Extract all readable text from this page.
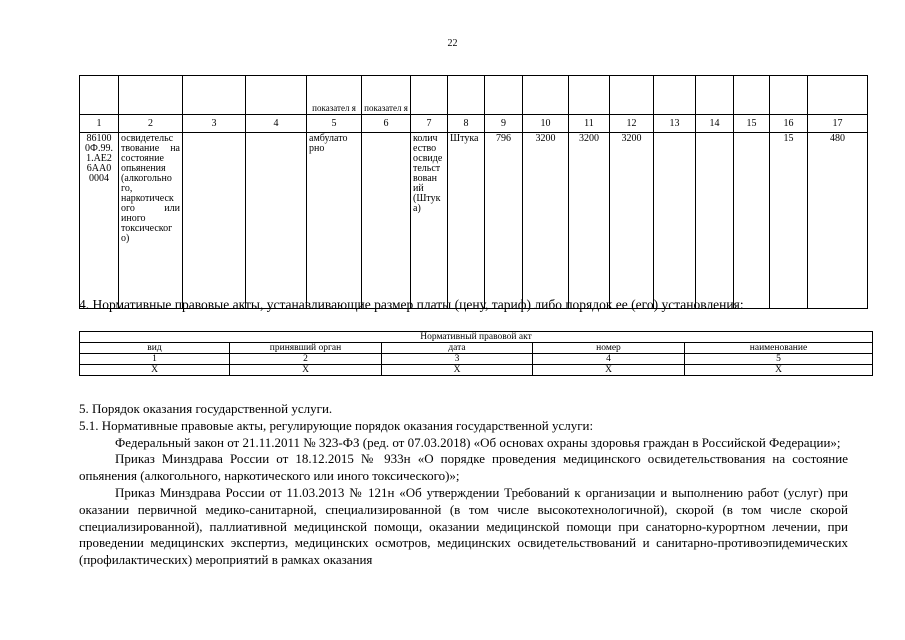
22
				показател я	показател я											
1	2	3	4	5	6	7	8	9	10	11	12	13	14	15	16	17
86100 0Ф.99. 1.АЕ2 6АА0 0004	освидетельс твование на состояние опьянения (алкогольно го, наркотическ ого или иного токсическог о)			амбулато рно		колич ество освиде тельст вован ий (Штук а)	Штука	796	3200	3200	3200				15	480
4. Нормативные правовые акты, устанавливающие размер платы (цену, тариф) либо порядок ее (его) установления:
Нормативный правовой акт				
вид	принявший орган	дата	номер	наименование
1	2	3	4	5
Х	Х	Х	Х	Х

5. Порядок оказания государственной услуги.

5.1. Нормативные правовые акты, регулирующие порядок оказания государственной услуги:

Федеральный закон от 21.11.2011 № 323-ФЗ (ред. от 07.03.2018) «Об основах охраны здоровья граждан в Российской Федерации»;

Приказ Минздрава России от 18.12.2015 № 933н «О порядке проведения медицинского освидетельствования на состояние опьянения (алкогольного, наркотического или иного токсического)»;

Приказ Минздрава России от 11.03.2013 № 121н «Об утверждении Требований к организации и выполнению работ (услуг) при оказании первичной медико-санитарной, специализированной (в том числе высокотехнологичной), скорой (в том числе скорой специализированной), паллиативной медицинской помощи, оказании медицинской помощи при санаторно-курортном лечении, при проведении медицинских экспертиз, медицинских осмотров, медицинских освидетельствований и санитарно-противоэпидемических (профилактических) мероприятий в рамках оказания
